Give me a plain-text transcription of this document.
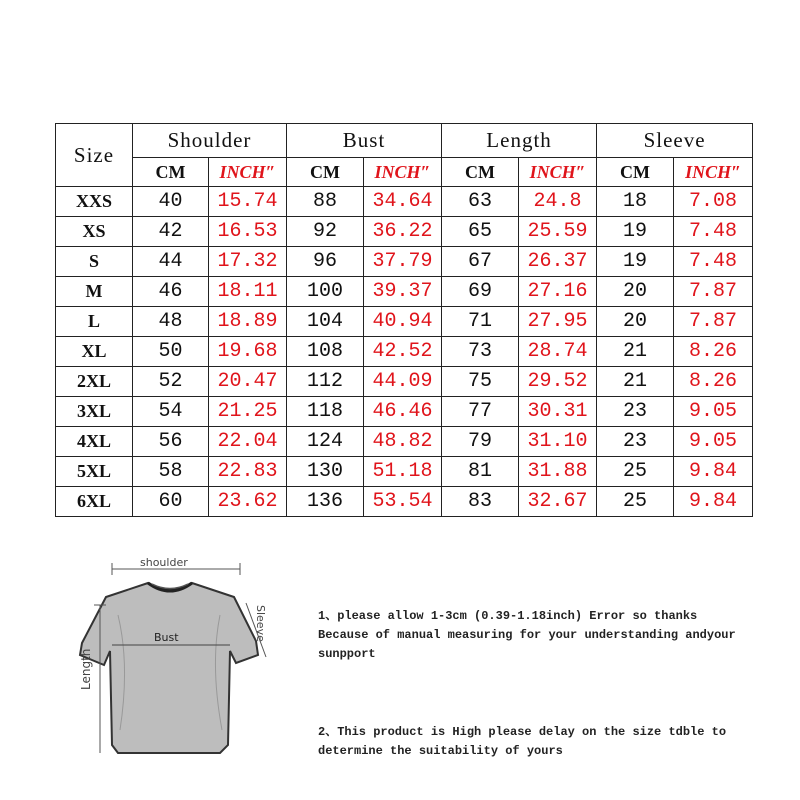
Size	Shoulder		Bust		Length		Sleeve	
	CM	INCH″	CM	INCH″	CM	INCH″	CM	INCH″
XXS	40	15.74	88	34.64	63	24.8	18	7.08
XS	42	16.53	92	36.22	65	25.59	19	7.48
S	44	17.32	96	37.79	67	26.37	19	7.48
M	46	18.11	100	39.37	69	27.16	20	7.87
L	48	18.89	104	40.94	71	27.95	20	7.87
XL	50	19.68	108	42.52	73	28.74	21	8.26
2XL	52	20.47	112	44.09	75	29.52	21	8.26
3XL	54	21.25	118	46.46	77	30.31	23	9.05
4XL	56	22.04	124	48.82	79	31.10	23	9.05
5XL	58	22.83	130	51.18	81	31.88	25	9.84
6XL	60	23.62	136	53.54	83	32.67	25	9.84
shoulder
Bust	Sleeve
Length

1、please allow 1-3cm (0.39-1.18inch) Error so thanks
Because of manual measuring for your understanding andyour
sunpport

2、This product is High please delay on the size tdble to
determine the suitability of yours
